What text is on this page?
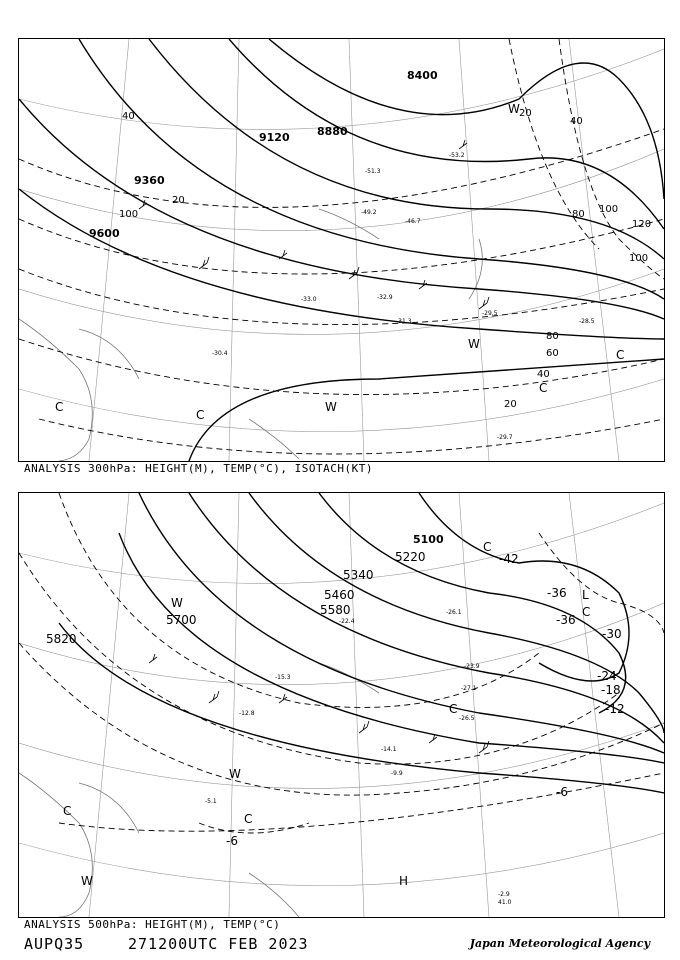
8400
8880
9120
9360
9600
100
80
60
40
20
40
20
80
40
100
100
20
120
-29.5
-31.3
-32.9
-33.0
-49.2
-51.3
-53.2
-46.7
-30.4
-28.5
C
C
W
W
C
W
C
-29.7
ANALYSIS 300hPa: HEIGHT(M), TEMP(°C), ISOTACH(KT)
5100
5220
5340
5460
5580
5700
5820
-42
-36
-36
-30
-24
-18
-12
-6
-6
-26.1
-23.9
-27.1
-26.5
-14.1
-12.8
-15.3
-22.4
-5.1
-9.9
L
C
C
W
C
C
W	H
C
W
-2.9
41.0
ANALYSIS 500hPa: HEIGHT(M), TEMP(°C)
AUPQ35	271200UTC FEB 2023	Japan Meteorological Agency
